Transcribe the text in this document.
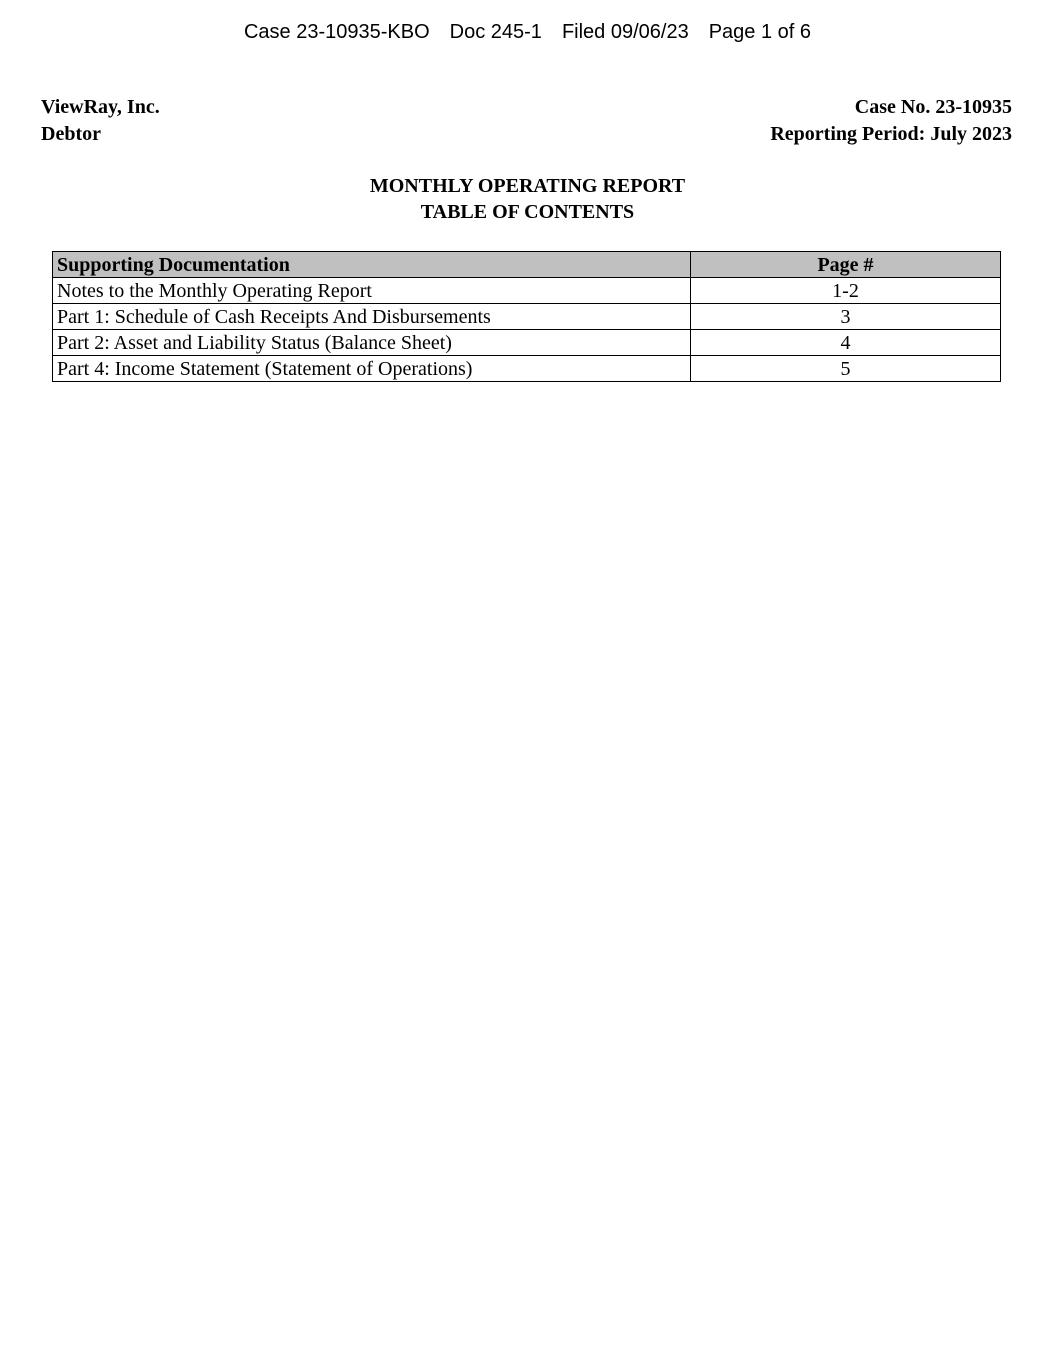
Case 23-10935-KBO Doc 245-1 Filed 09/06/23 Page 1 of 6
ViewRay, Inc.
Debtor
Case No. 23-10935
Reporting Period: July 2023
MONTHLY OPERATING REPORT
TABLE OF CONTENTS
Supporting Documentation	Page #
Notes to the Monthly Operating Report	1-2
Part 1: Schedule of Cash Receipts And Disbursements	3
Part 2: Asset and Liability Status (Balance Sheet)	4
Part 4: Income Statement (Statement of Operations)	5
